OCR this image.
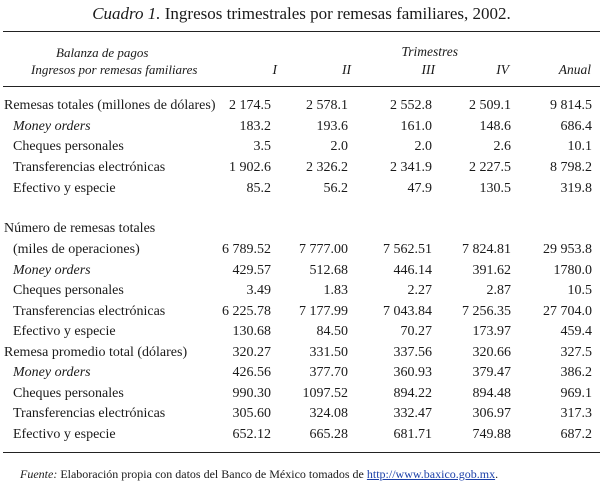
Cuadro 1. Ingresos trimestrales por remesas familiares, 2002.
Balanza de pagos
Ingresos por remesas familiares
Trimestres
I	II	III	IV	Anual
Remesas totales (millones de dólares) 2 174.5	2 578.1	2 552.8	2 509.1	9 814.5
Money orders	183.2	193.6	161.0	148.6	686.4
Cheques personales	3.5	2.0	2.0	2.6	10.1
Transferencias electrónicas	1 902.6	2 326.2	2 341.9	2 227.5	8 798.2
Efectivo y especie	85.2	56.2	47.9	130.5	319.8
Número de remesas totales
(miles de operaciones)	6 789.52	7 777.00	7 562.51	7 824.81	29 953.8
Money orders	429.57	512.68	446.14	391.62	1780.0
Cheques personales	3.49	1.83	2.27	2.87	10.5
Transferencias electrónicas	6 225.78	7 177.99	7 043.84	7 256.35	27 704.0
Efectivo y especie	130.68	84.50	70.27	173.97	459.4
Remesa promedio total (dólares)	320.27	331.50	337.56	320.66	327.5
Money orders	426.56	377.70	360.93	379.47	386.2
Cheques personales	990.30	1097.52	894.22	894.48	969.1
Transferencias electrónicas	305.60	324.08	332.47	306.97	317.3
Efectivo y especie	652.12	665.28	681.71	749.88	687.2
Fuente: Elaboración propia con datos del Banco de México tomados de http://www.baxico.gob.mx.
